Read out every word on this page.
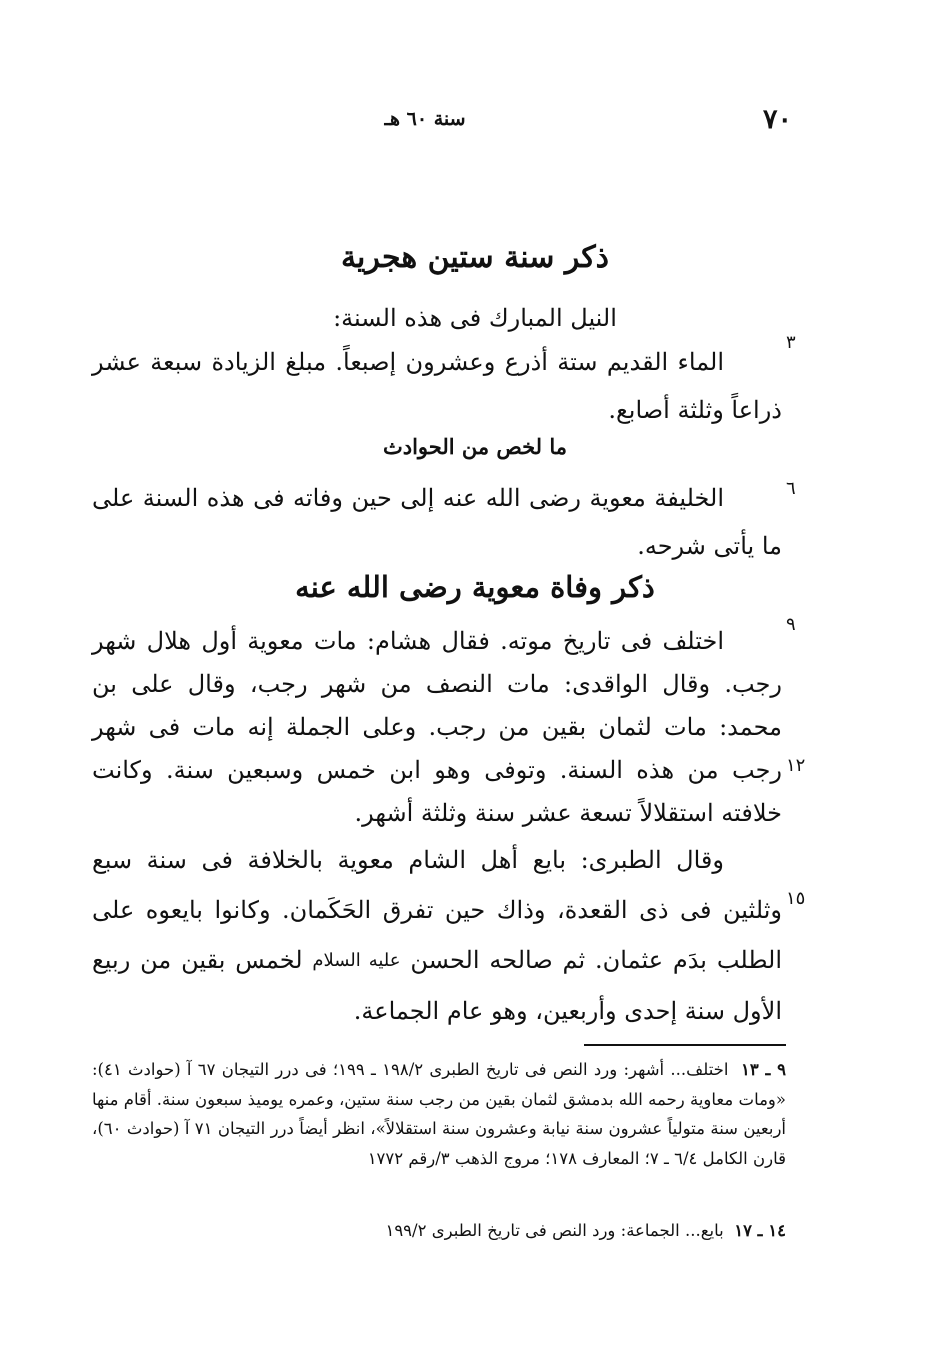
٧٠
سنة ٦٠ هـ
ذكر سنة ستين هجرية
النيل المبارك فى هذه السنة:
الماء القديم ستة أذرع وعشرون إصبعاً. مبلغ الزيادة سبعة عشر ذراعاً وثلثة أصابع.
ما لخص من الحوادث
الخليفة معوية رضى الله عنه إلى حين وفاته فى هذه السنة على ما يأتى شرحه.
ذكر وفاة معوية رضى الله عنه
اختلف فى تاريخ موته. فقال هشام: مات معوية أول هلال شهر رجب. وقال الواقدى: مات النصف من شهر رجب، وقال على بن محمد: مات لثمان بقين من رجب. وعلى الجملة إنه مات فى شهر رجب من هذه السنة. وتوفى وهو ابن خمس وسبعين سنة. وكانت خلافته استقلالاً تسعة عشر سنة وثلثة أشهر.
وقال الطبرى: بايع أهل الشام معوية بالخلافة فى سنة سبع وثلثين فى ذى القعدة، وذاك حين تفرق الحَكَمان. وكانوا بايعوه على الطلب بدَم عثمان. ثم صالحه الحسن عليه السلام لخمس بقين من ربيع الأول سنة إحدى وأربعين، وهو عام الجماعة.
٣
٦
٩
١٢
١٥
٩ ـ ١٣  اختلف... أشهر: ورد النص فى تاريخ الطبرى ١٩٨/٢ ـ ١٩٩؛ فى درر التيجان ٦٧ آ (حوادث ٤١): «ومات معاوية رحمه الله بدمشق لثمان بقين من رجب سنة ستين، وعمره يوميذ سبعون سنة. أقام منها أربعين سنة متولياً عشرون سنة نيابة وعشرون سنة استقلالاً»، انظر أيضاً درر التيجان ٧١ آ (حوادث ٦٠)، قارن الكامل ٦/٤ ـ ٧؛ المعارف ١٧٨؛ مروج الذهب ٣/رقم ١٧٧٢
١٤ ـ ١٧  بايع... الجماعة: ورد النص فى تاريخ الطبرى ١٩٩/٢
